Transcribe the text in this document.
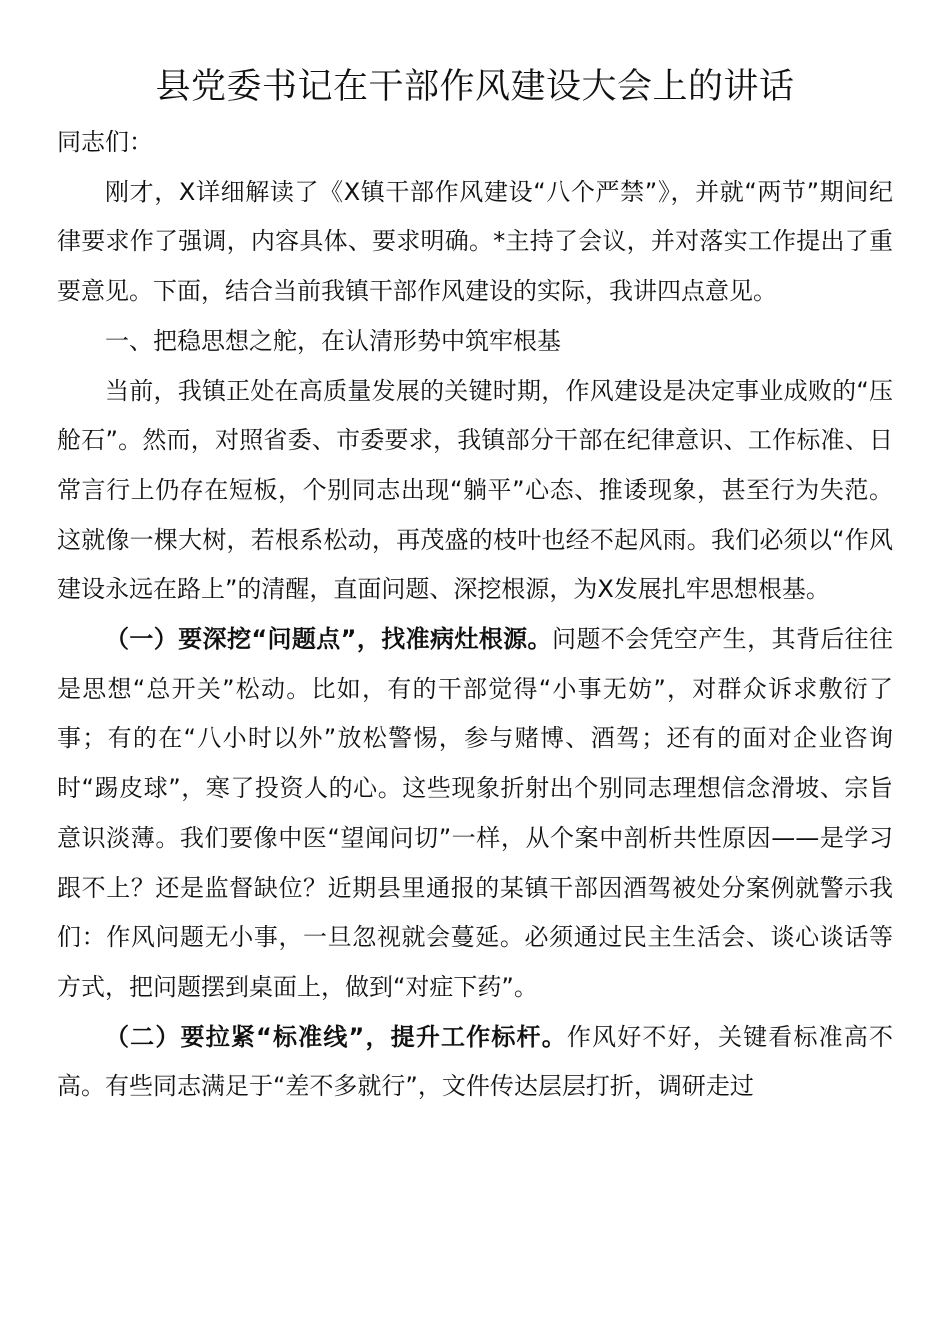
县党委书记在干部作风建设大会上的讲话

同志们：

刚才，X详细解读了《X镇干部作风建设“八个严禁”》，并就“两节”期间纪律要求作了强调，内容具体、要求明确。*主持了会议，并对落实工作提出了重要意见。下面，结合当前我镇干部作风建设的实际，我讲四点意见。

一、把稳思想之舵，在认清形势中筑牢根基

当前，我镇正处在高质量发展的关键时期，作风建设是决定事业成败的“压舱石”。然而，对照省委、市委要求，我镇部分干部在纪律意识、工作标准、日常言行上仍存在短板，个别同志出现“躺平”心态、推诿现象，甚至行为失范。这就像一棵大树，若根系松动，再茂盛的枝叶也经不起风雨。我们必须以“作风建设永远在路上”的清醒，直面问题、深挖根源，为X发展扎牢思想根基。

（一）要深挖“问题点”，找准病灶根源。问题不会凭空产生，其背后往往是思想“总开关”松动。比如，有的干部觉得“小事无妨”，对群众诉求敷衍了事；有的在“八小时以外”放松警惕，参与赌博、酒驾；还有的面对企业咨询时“踢皮球”，寒了投资人的心。这些现象折射出个别同志理想信念滑坡、宗旨意识淡薄。我们要像中医“望闻问切”一样，从个案中剖析共性原因——是学习跟不上？还是监督缺位？近期县里通报的某镇干部因酒驾被处分案例就警示我们：作风问题无小事，一旦忽视就会蔓延。必须通过民主生活会、谈心谈话等方式，把问题摆到桌面上，做到“对症下药”。

（二）要拉紧“标准线”，提升工作标杆。作风好不好，关键看标准高不高。有些同志满足于“差不多就行”，文件传达层层打折，调研走过
